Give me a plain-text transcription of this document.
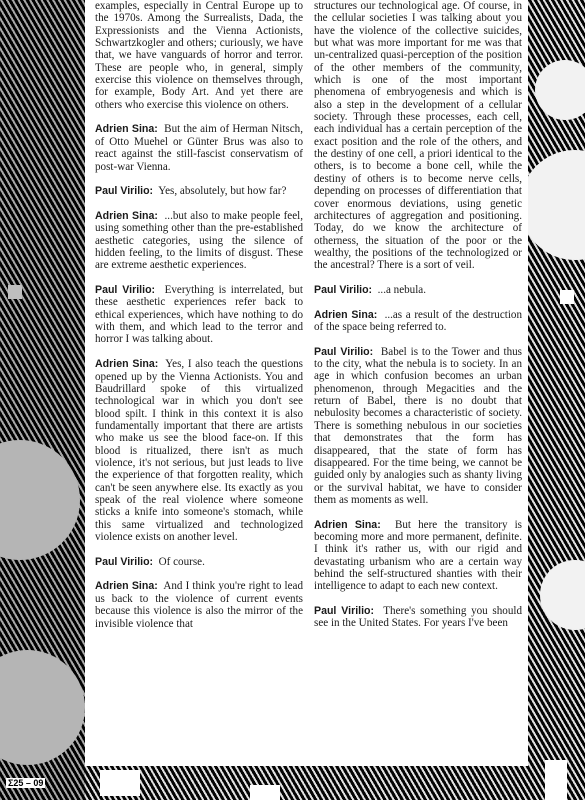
examples, especially in Central Europe up to the 1970s. Among the Surrealists, Dada, the Expressionists and the Vienna Actionists, Schwartzkogler and others; curiously, we have that, we have vanguards of horror and terror. These are people who, in general, simply exercise this violence on themselves through, for example, Body Art. And yet there are others who exercise this violence on others.

Adrien Sina: But the aim of Herman Nitsch, of Otto Muehel or Günter Brus was also to react against the still-fascist conservatism of post-war Vienna.

Paul Virilio: Yes, absolutely, but how far?

Adrien Sina: ...but also to make people feel, using something other than the pre-established aesthetic categories, using the silence of hidden feeling, to the limits of disgust. These are extreme aesthetic experiences.

Paul Virilio: Everything is interrelated, but these aesthetic experiences refer back to ethical experiences, which have nothing to do with them, and which lead to the terror and horror I was talking about.

Adrien Sina: Yes, I also teach the questions opened up by the Vienna Actionists. You and Baudrillard spoke of this virtualized technological war in which you don't see blood spilt. I think in this context it is also fundamentally important that there are artists who make us see the blood face-on. If this blood is ritualized, there isn't as much violence, it's not serious, but just leads to live the experience of that forgotten reality, which can't be seen anywhere else. Its exactly as you speak of the real violence where someone sticks a knife into someone's stomach, while this same virtualized and technologized violence exists on another level.

Paul Virilio: Of course.

Adrien Sina: And I think you're right to lead us back to the violence of current events because this violence is also the mirror of the invisible violence that

structures our technological age. Of course, in the cellular societies I was talking about you have the violence of the collective suicides, but what was more important for me was that un-centralized quasi-perception of the position of the other members of the community, which is one of the most important phenomena of embryogenesis and which is also a step in the development of a cellular society. Through these processes, each cell, each individual has a certain perception of the exact position and the role of the others, and the destiny of one cell, a priori identical to the others, is to become a bone cell, while the destiny of others is to become nerve cells, depending on processes of differentiation that cover enormous deviations, using genetic architectures of aggregation and positioning. Today, do we know the architecture of otherness, the situation of the poor or the wealthy, the positions of the technologized or the ancestral? There is a sort of veil.

Paul Virilio: ...a nebula.

Adrien Sina: ...as a result of the destruction of the space being referred to.

Paul Virilio: Babel is to the Tower and thus to the city, what the nebula is to society. In an age in which confusion becomes an urban phenomenon, through Megacities and the return of Babel, there is no doubt that nebulosity becomes a characteristic of society. There is something nebulous in our societies that demonstrates that the form has disappeared, that the state of form has disappeared. For the time being, we cannot be guided only by analogies such as shanty living or the survival habitat, we have to consider them as moments as well.

Adrien Sina: But here the transitory is becoming more and more permanent, definite. I think it's rather us, with our rigid and devastating urbanism who are a certain way behind the self-structured shanties with their intelligence to adapt to each new context.

Paul Virilio: There's something you should see in the United States. For years I've been

Σ25 – 09
